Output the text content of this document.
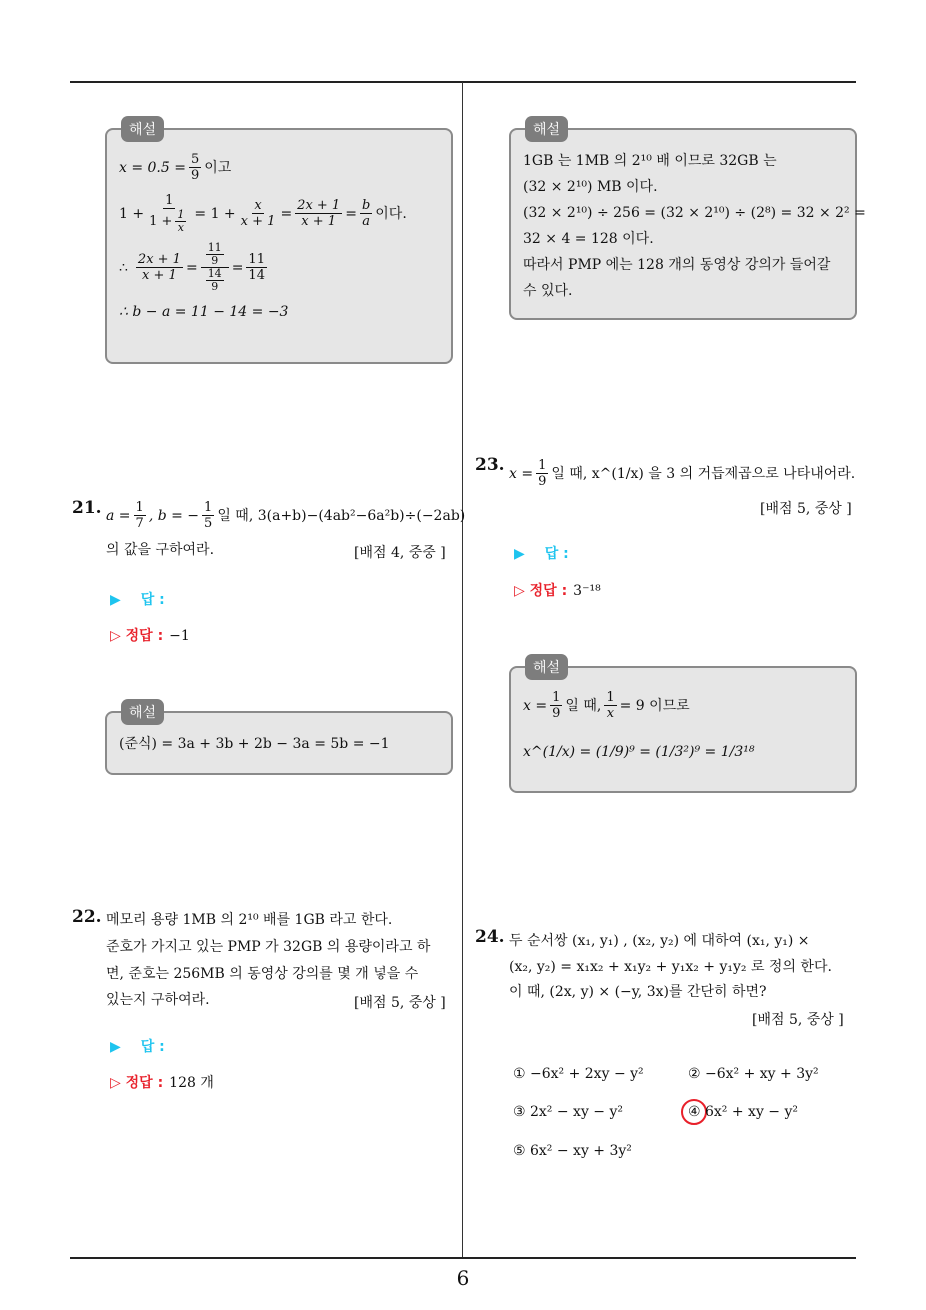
6
해설
x = 0.5̇ = $\frac{5}{9}$ 이고
$1 + \frac{1}{1 + \frac{1}{x}} = 1 + \frac{x}{x + 1} = \frac{2x + 1}{x + 1} = \frac{b}{a}$ 이다.
∴ $\frac{2x + 1}{x + 1} = \frac{\frac{11}{9}}{\frac{14}{9}} = \frac{11}{14}$
∴ b − a = 11 − 14 = −3
21. $a = \frac{1}{7}$ , b = − $\frac{1}{5}$ 일 때, 3(a+b)−(4ab²−6a²b)÷(−2ab)
의 값을 구하여라.	[배점 4, 중중 ]
▶ 답 :
▷ 정답 : −1
해설
(준식) = 3a + 3b + 2b − 3a = 5b = −1
22. 메모리 용량 1MB 의 2¹⁰ 배를 1GB 라고 한다.
준호가 가지고 있는 PMP 가 32GB 의 용량이라고 하
면, 준호는 256MB 의 동영상 강의를 몇 개 넣을 수
있는지 구하여라.	[배점 5, 중상 ]
▶ 답 :
▷ 정답 : 128 개
해설
1GB 는 1MB 의 2¹⁰ 배 이므로 32GB 는
(32 × 2¹⁰) MB 이다.
(32 × 2¹⁰) ÷ 256 = (32 × 2¹⁰) ÷ (2⁸) = 32 × 2² =
32 × 4 = 128 이다.
따라서 PMP 에는 128 개의 동영상 강의가 들어갈
수 있다.
23. $x = \frac{1}{9}$ 일 때, x^(1/x) 을 3 의 거듭제곱으로 나타내어라.
[배점 5, 중상 ]
▶ 답 :
▷ 정답 : 3⁻¹⁸
해설
$x = \frac{1}{9}$ 일 때, $\frac{1}{x} = 9$ 이므로
x^(1/x) = (1/9)⁹ = (1/3²)⁹ = 1/3¹⁸
24. 두 순서쌍 (x₁, y₁) , (x₂, y₂) 에 대하여 (x₁, y₁) ×
(x₂, y₂) = x₁x₂ + x₁y₂ + y₁x₂ + y₁y₂ 로 정의 한다.
이 때, (2x, y) × (−y, 3x)를 간단히 하면?
[배점 5, 중상 ]
① −6x² + 2xy − y²	② −6x² + xy + 3y²
③ 2x² − xy − y²	④ 6x² + xy − y²
⑤ 6x² − xy + 3y²
